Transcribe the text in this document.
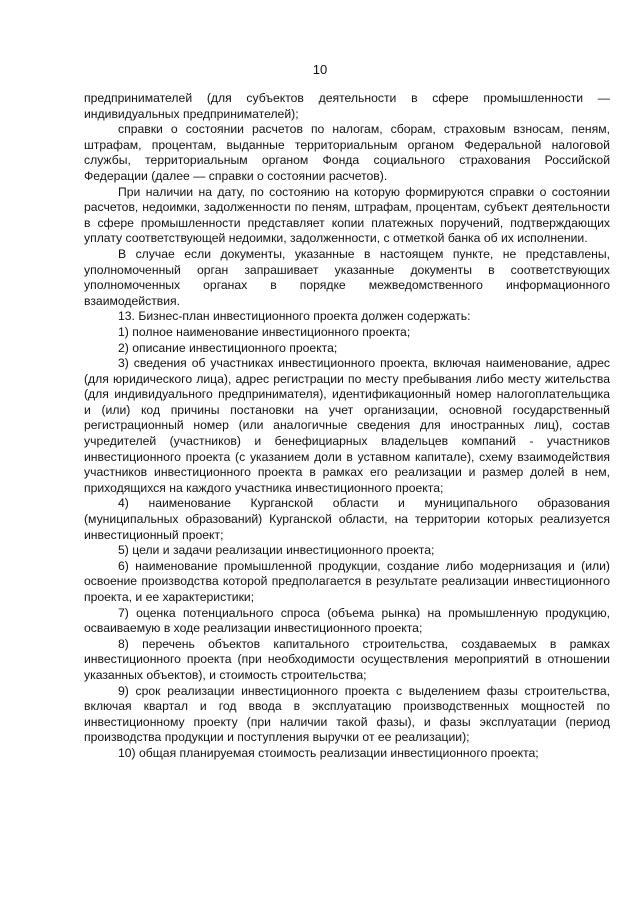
10

предпринимателей (для субъектов деятельности в сфере промышленности — индивидуальных предпринимателей);

справки о состоянии расчетов по налогам, сборам, страховым взносам, пеням, штрафам, процентам, выданные территориальным органом Федеральной налоговой службы, территориальным органом Фонда социального страхования Российской Федерации (далее — справки о состоянии расчетов).

При наличии на дату, по состоянию на которую формируются справки о состоянии расчетов, недоимки, задолженности по пеням, штрафам, процентам, субъект деятельности в сфере промышленности представляет копии платежных поручений, подтверждающих уплату соответствующей недоимки, задолженности, с отметкой банка об их исполнении.

В случае если документы, указанные в настоящем пункте, не представлены, уполномоченный орган запрашивает указанные документы в соответствующих уполномоченных органах в порядке межведомственного информационного взаимодействия.

13. Бизнес-план инвестиционного проекта должен содержать:

1) полное наименование инвестиционного проекта;

2) описание инвестиционного проекта;

3) сведения об участниках инвестиционного проекта, включая наименование, адрес (для юридического лица), адрес регистрации по месту пребывания либо месту жительства (для индивидуального предпринимателя), идентификационный номер налогоплательщика и (или) код причины постановки на учет организации, основной государственный регистрационный номер (или аналогичные сведения для иностранных лиц), состав учредителей (участников) и бенефициарных владельцев компаний - участников инвестиционного проекта (с указанием доли в уставном капитале), схему взаимодействия участников инвестиционного проекта в рамках его реализации и размер долей в нем, приходящихся на каждого участника инвестиционного проекта;

4) наименование Курганской области и муниципального образования (муниципальных образований) Курганской области, на территории которых реализуется инвестиционный проект;

5) цели и задачи реализации инвестиционного проекта;

6) наименование промышленной продукции, создание либо модернизация и (или) освоение производства которой предполагается в результате реализации инвестиционного проекта, и ее характеристики;

7) оценка потенциального спроса (объема рынка) на промышленную продукцию, осваиваемую в ходе реализации инвестиционного проекта;

8) перечень объектов капитального строительства, создаваемых в рамках инвестиционного проекта (при необходимости осуществления мероприятий в отношении указанных объектов), и стоимость строительства;

9) срок реализации инвестиционного проекта с выделением фазы строительства, включая квартал и год ввода в эксплуатацию производственных мощностей по инвестиционному проекту (при наличии такой фазы), и фазы эксплуатации (период производства продукции и поступления выручки от ее реализации);

10) общая планируемая стоимость реализации инвестиционного проекта;
